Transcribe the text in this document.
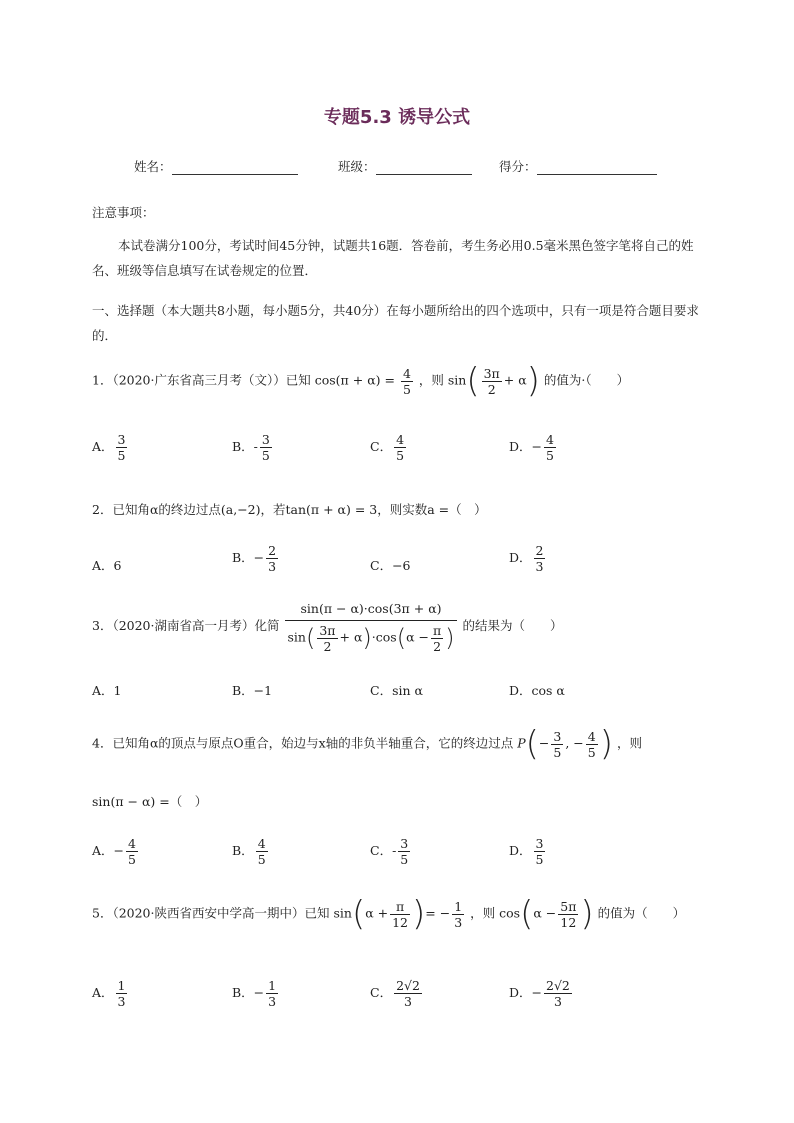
专题5.3 诱导公式
姓名：	班级：	得分：
注意事项：
本试卷满分100分，考试时间45分钟，试题共16题．答卷前，考生务必用0.5毫米黑色签字笔将自己的姓名、班级等信息填写在试卷规定的位置．
一、选择题（本大题共8小题，每小题5分，共40分）在每小题所给出的四个选项中，只有一项是符合题目要求的．
1．（2020·广东省高三月考（文））已知 $\cos(\pi + \alpha) = \frac{4}{5}$ ，则 $\sin( \frac{3\pi}{2} + \alpha)$ 的值为·（　　）
A． $\frac{3}{5}$	B．- $\frac{3}{5}$	C． $\frac{4}{5}$	D．− $\frac{4}{5}$
2．已知角α的终边过点(a,−2)，若tan(π + α) = 3，则实数a =（　）
A．6
B．− $\frac{2}{3}$	C．−6
D． $\frac{2}{3}$
3．（2020·湖南省高一月考）化简 $\frac{\sin(\pi - \alpha)\cdot\cos(3\pi + \alpha)}{\sin( \frac{3\pi}{2} + \alpha)\cdot\cos(\alpha - \frac{\pi}{2} )}$ 的结果为（　　）
A．1	B．−1	C．sin α	D．cos α
4．已知角α的顶点与原点O重合，始边与x轴的非负半轴重合，它的终边过点 $P(- \frac{3}{5}$ , − $\frac{4}{5}$ ) ，则
sin(π − α) =（　）
A．− $\frac{4}{5}$	B． $\frac{4}{5}$	C．- $\frac{3}{5}$	D． $\frac{3}{5}$
5．（2020·陕西省西安中学高一期中）已知 $\sin(\alpha + \frac{\pi}{12}$ )= − $\frac{1}{3}$ ，则 $\cos(\alpha - \frac{5\pi}{12}$ ) 的值为（　　）
A． $\frac{1}{3}$	B．− $\frac{1}{3}$	C． $\frac{2√2}{3}$	D．− $\frac{2√2}{3}$
